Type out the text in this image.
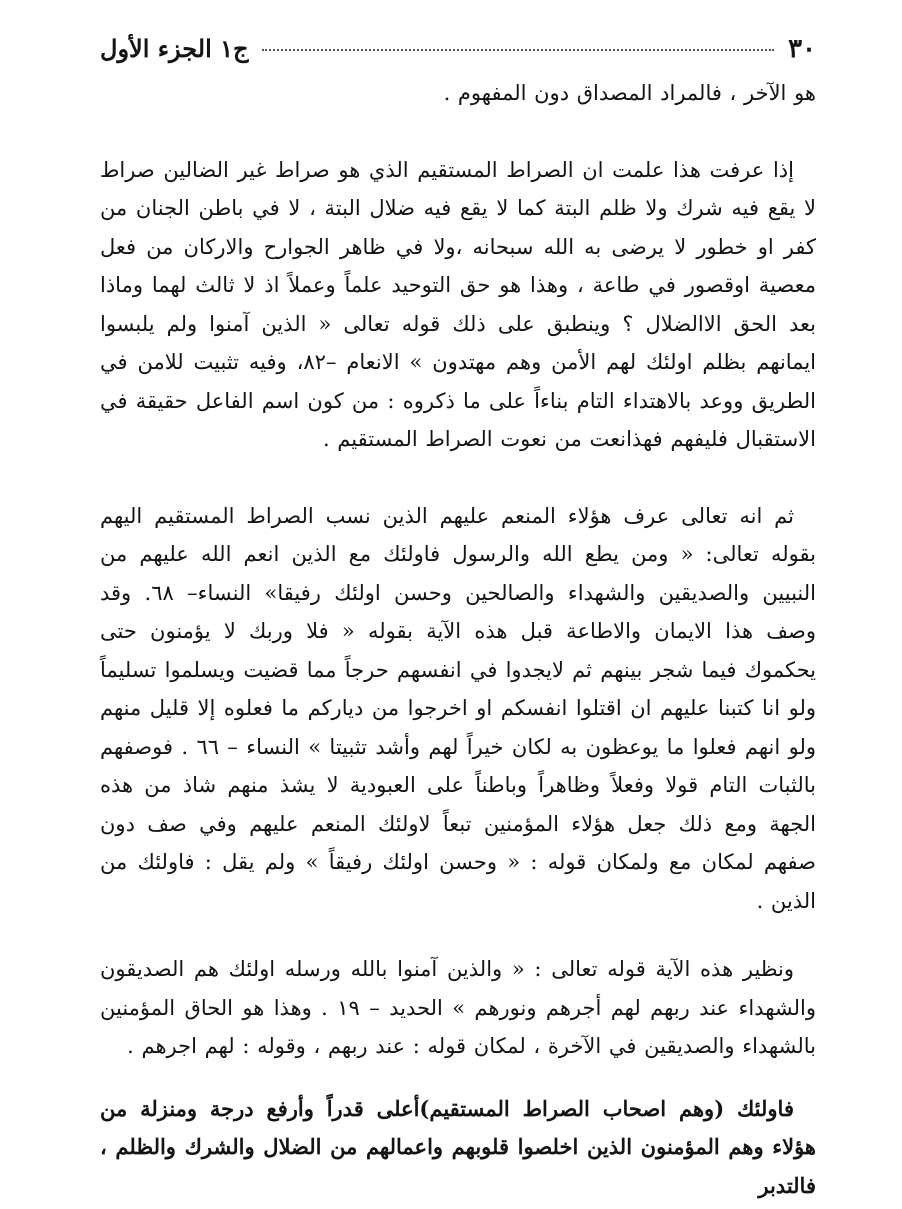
٣٠
ج١ الجزء الأول

هو الآخر ، فالمراد المصداق دون المفهوم .

إذا عرفت هذا علمت ان الصراط المستقيم الذي هو صراط غير الضالين صراط لا يقع فيه شرك ولا ظلم البتة كما لا يقع فيه ضلال البتة ، لا في باطن الجنان من كفر او خطور لا يرضى به الله سبحانه ،ولا في ظاهر الجوارح والاركان من فعل معصية اوقصور في طاعة ، وهذا هو حق التوحيد علماً وعملاً اذ لا ثالث لهما وماذا بعد الحق الاالضلال ؟ وينطبق على ذلك قوله تعالى « الذين آمنوا ولم يلبسوا ايمانهم بظلم اولئك لهم الأمن وهم مهتدون » الانعام –٨٢، وفيه تثبيت للامن في الطريق ووعد بالاهتداء التام بناءاً على ما ذكروه : من كون اسم الفاعل حقيقة في الاستقبال فليفهم فهذانعت من نعوت الصراط المستقيم .

ثم انه تعالى عرف هؤلاء المنعم عليهم الذين نسب الصراط المستقيم اليهم بقوله تعالى: « ومن يطع الله والرسول فاولئك مع الذين انعم الله عليهم من النبيين والصديقين والشهداء والصالحين وحسن اولئك رفيقا» النساء– ٦٨. وقد وصف هذا الايمان والاطاعة قبل هذه الآية بقوله « فلا وربك لا يؤمنون حتى يحكموك فيما شجر بينهم ثم لايجدوا في انفسهم حرجاً مما قضيت ويسلموا تسليماً ولو انا كتبنا عليهم ان اقتلوا انفسكم او اخرجوا من دياركم ما فعلوه إلا قليل منهم ولو انهم فعلوا ما يوعظون به لكان خيراً لهم وأشد تثبيتا » النساء – ٦٦ . فوصفهم بالثبات التام قولا وفعلاً وظاهراً وباطناً على العبودية لا يشذ منهم شاذ من هذه الجهة ومع ذلك جعل هؤلاء المؤمنين تبعاً لاولئك المنعم عليهم وفي صف دون صفهم لمكان مع ولمكان قوله : « وحسن اولئك رفيقاً » ولم يقل : فاولئك من الذين .

ونظير هذه الآية قوله تعالى : « والذين آمنوا بالله ورسله اولئك هم الصديقون والشهداء عند ربهم لهم أجرهم ونورهم » الحديد – ١٩ . وهذا هو الحاق المؤمنين بالشهداء والصديقين في الآخرة ، لمكان قوله : عند ربهم ، وقوله : لهم اجرهم .

فاولئك (وهم اصحاب الصراط المستقيم)أعلى قدراً وأرفع درجة ومنزلة من هؤلاء وهم المؤمنون الذين اخلصوا قلوبهم واعمالهم من الضلال والشرك والظلم ، فالتدبر
